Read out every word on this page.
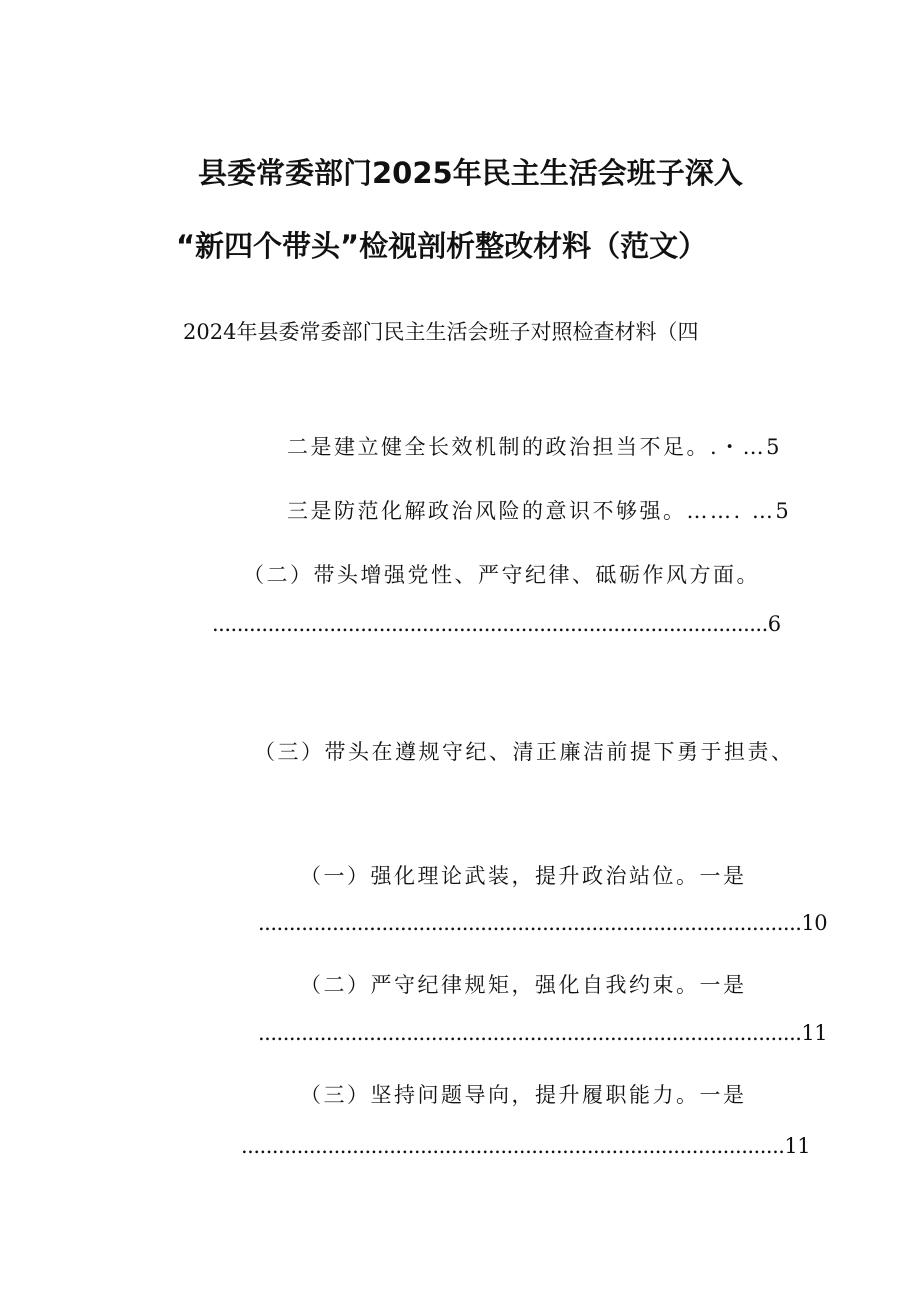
县委常委部门2025年民主生活会班子深入
“新四个带头”检视剖析整改材料（范文）
2024年县委常委部门民主生活会班子对照检查材料（四
二是建立健全长效机制的政治担当不足。.・…5
三是防范化解政治风险的意识不够强。……. …5
（二）带头增强党性、严守纪律、砥砺作风方面。
..........................................................................................6
（三）带头在遵规守纪、清正廉洁前提下勇于担责、
（一）强化理论武装，提升政治站位。一是
........................................................................................10
（二）严守纪律规矩，强化自我约束。一是
........................................................................................11
（三）坚持问题导向，提升履职能力。一是
........................................................................................11
